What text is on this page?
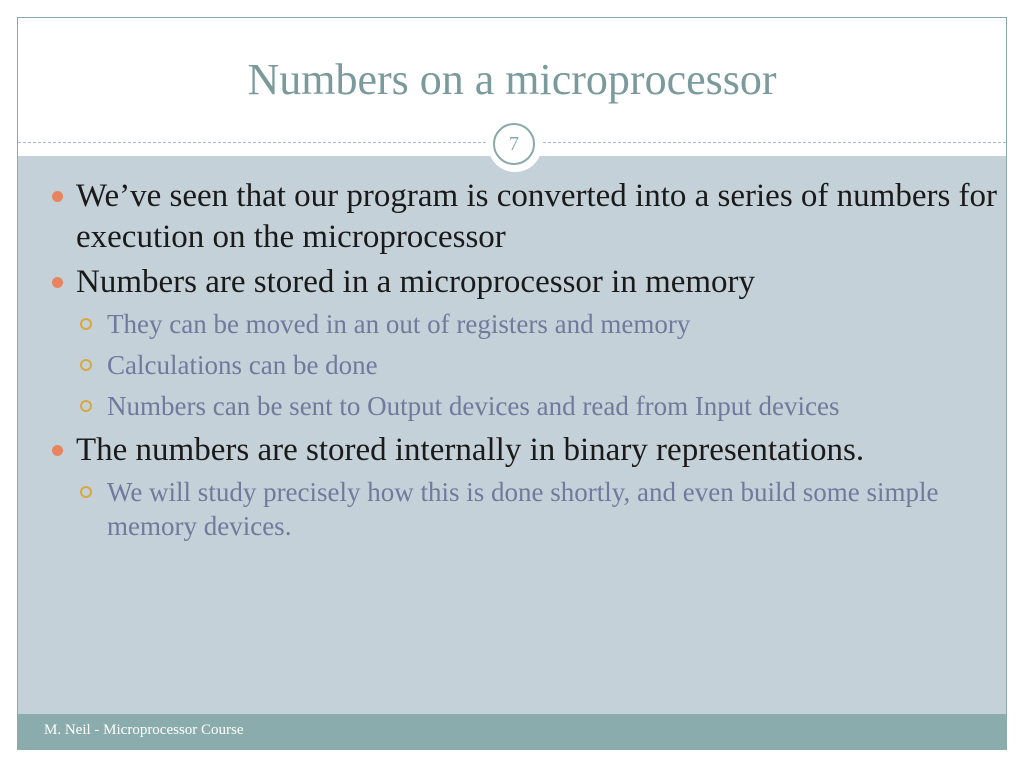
Numbers on a microprocessor
7
We’ve seen that our program is converted into a series of numbers for execution on the microprocessor
Numbers are stored in a microprocessor in memory
They can be moved in an out of registers and memory
Calculations can be done
Numbers can be sent to Output devices and read from Input devices
The numbers are stored internally in binary representations.
We will study precisely how this is done shortly, and even build some simple memory devices.
M. Neil - Microprocessor Course
